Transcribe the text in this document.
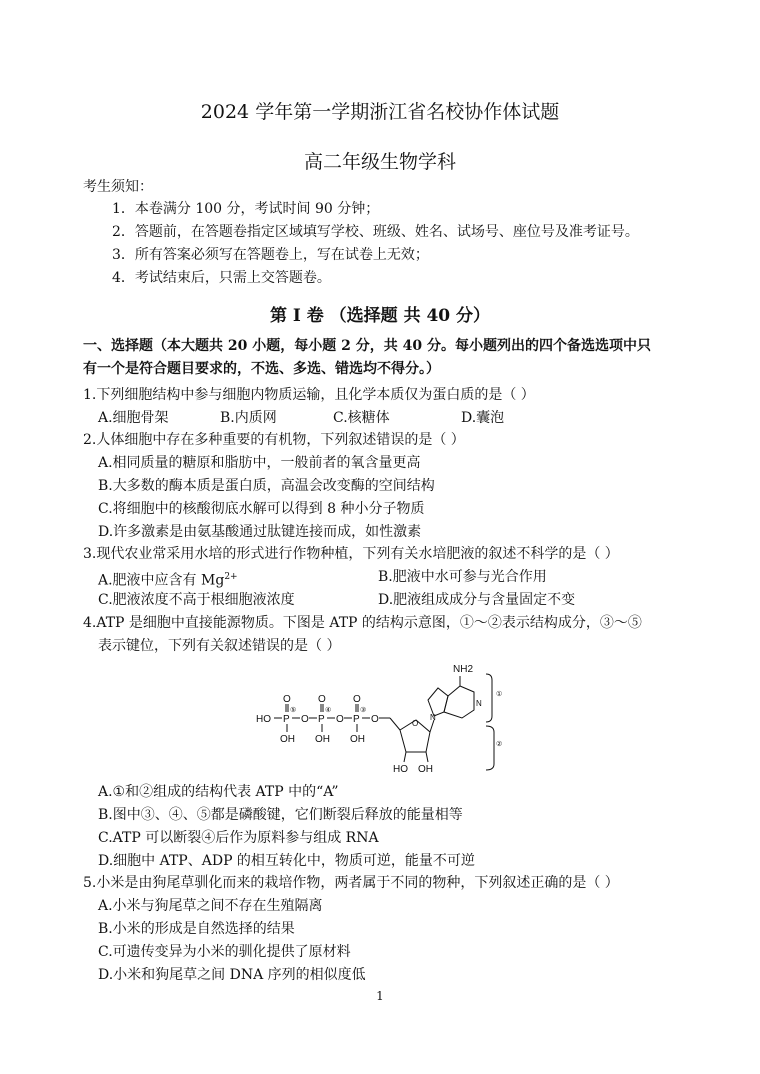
2024 学年第一学期浙江省名校协作体试题
高二年级生物学科
考生须知：
1．本卷满分 100 分，考试时间 90 分钟；
2．答题前，在答题卷指定区域填写学校、班级、姓名、试场号、座位号及准考证号。
3．所有答案必须写在答题卷上，写在试卷上无效；
4．考试结束后，只需上交答题卷。
第 I 卷 （选择题 共 40 分）
一、选择题（本大题共 20 小题，每小题 2 分，共 40 分。每小题列出的四个备选选项中只
有一个是符合题目要求的，不选、多选、错选均不得分。）
1.下列细胞结构中参与细胞内物质运输，且化学本质仅为蛋白质的是（ ）
A.细胞骨架	B.内质网	C.核糖体	D.囊泡
2.人体细胞中存在多种重要的有机物，下列叙述错误的是（ ）
A.相同质量的糖原和脂肪中，一般前者的氧含量更高
B.大多数的酶本质是蛋白质，高温会改变酶的空间结构
C.将细胞中的核酸彻底水解可以得到 8 种小分子物质
D.许多激素是由氨基酸通过肽键连接而成，如性激素
3.现代农业常采用水培的形式进行作物种植，下列有关水培肥液的叙述不科学的是（ ）
A.肥液中应含有 $Mg^{2+}$	B.肥液中水可参与光合作用
C.肥液浓度不高于根细胞液浓度	D.肥液组成成分与含量固定不变
4.ATP 是细胞中直接能源物质。下图是 ATP 的结构示意图，①～②表示结构成分，③～⑤
表示键位，下列有关叙述错误的是（ ）
HO P
O
OH
⑤
O P
O
OH
④
O P
O
OH
③
O	O
HO OH
N
N
NH2
①
②
A.①和②组成的结构代表 ATP 中的“A”
B.图中③、④、⑤都是磷酸键，它们断裂后释放的能量相等
C.ATP 可以断裂④后作为原料参与组成 RNA
D.细胞中 ATP、ADP 的相互转化中，物质可逆，能量不可逆
5.小米是由狗尾草驯化而来的栽培作物，两者属于不同的物种，下列叙述正确的是（ ）
A.小米与狗尾草之间不存在生殖隔离
B.小米的形成是自然选择的结果
C.可遗传变异为小米的驯化提供了原材料
D.小米和狗尾草之间 DNA 序列的相似度低
1
